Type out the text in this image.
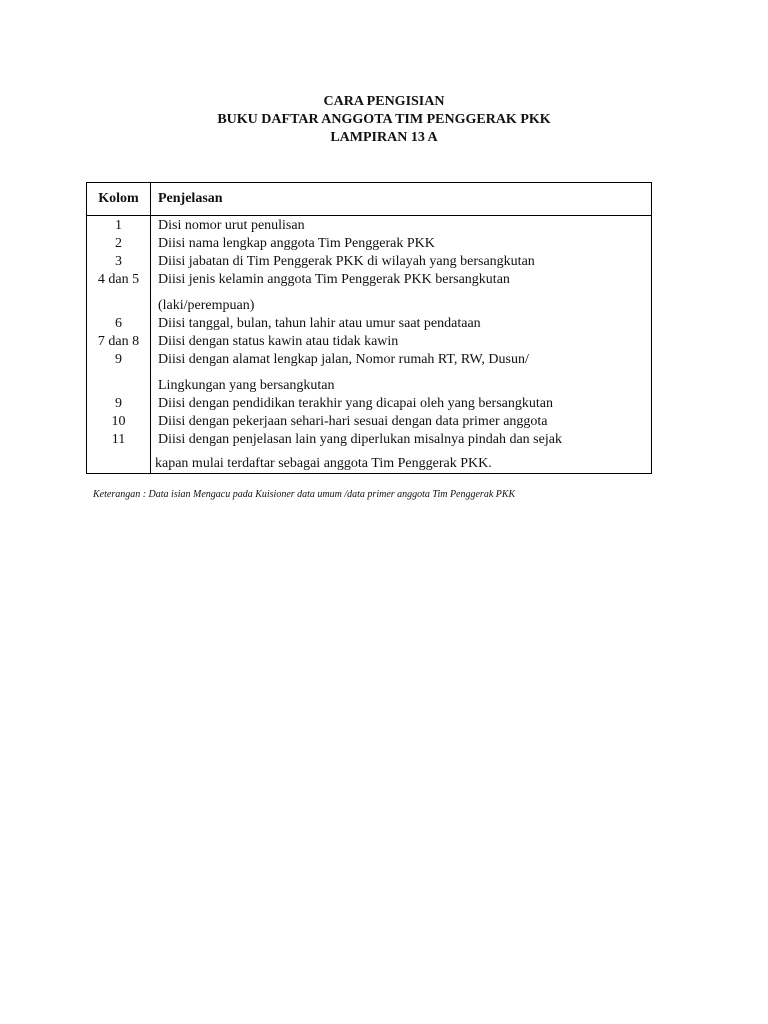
CARA PENGISIAN
BUKU DAFTAR ANGGOTA TIM PENGGERAK PKK
LAMPIRAN 13 A
Kolom	Penjelasan
1	Disi nomor urut penulisan
2	Diisi nama lengkap anggota Tim Penggerak PKK
3	Diisi jabatan di Tim Penggerak PKK di wilayah yang bersangkutan
4 dan 5	Diisi jenis kelamin anggota Tim Penggerak PKK bersangkutan
(laki/perempuan)
6	Diisi tanggal, bulan, tahun lahir atau umur saat pendataan
7 dan 8	Diisi dengan status kawin atau tidak kawin
9	Diisi dengan alamat lengkap jalan, Nomor rumah RT, RW, Dusun/
Lingkungan yang bersangkutan
9	Diisi dengan pendidikan terakhir yang dicapai oleh yang bersangkutan
10	Diisi dengan pekerjaan sehari-hari sesuai dengan data primer anggota
11	Diisi dengan penjelasan lain yang diperlukan misalnya pindah dan sejak
kapan mulai terdaftar sebagai anggota Tim Penggerak PKK.
Keterangan : Data isian Mengacu pada Kuisioner data umum /data primer anggota Tim Penggerak PKK
